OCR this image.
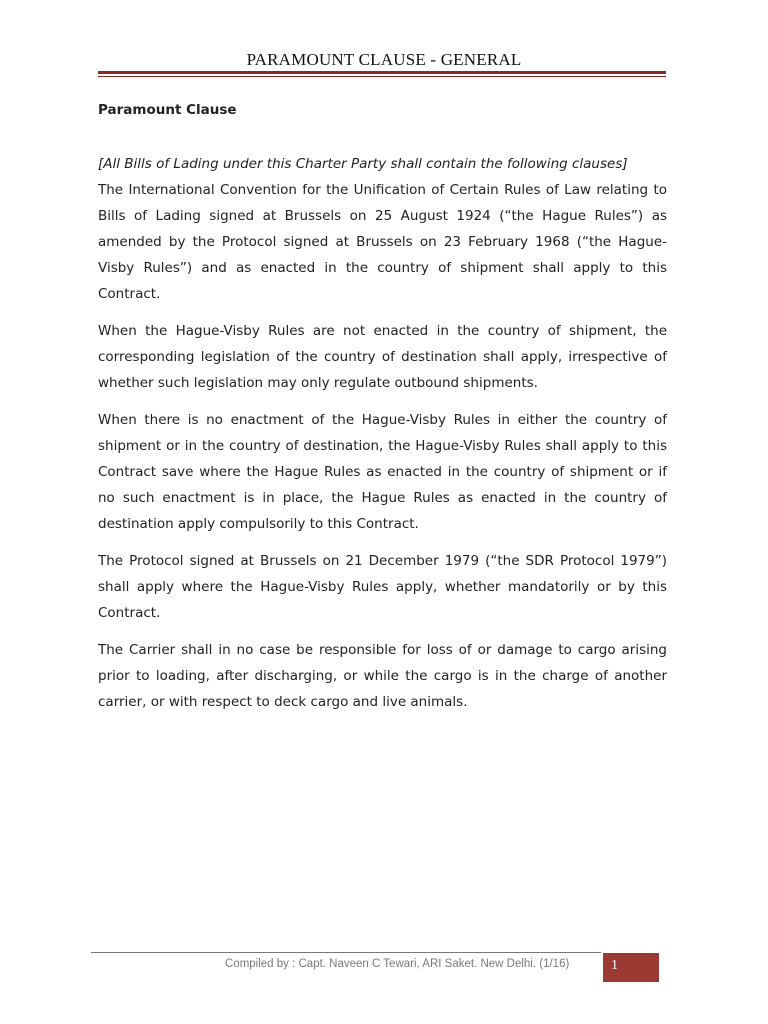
PARAMOUNT CLAUSE - GENERAL
Paramount Clause

[All Bills of Lading under this Charter Party shall contain the following clauses]

The International Convention for the Unification of Certain Rules of Law relating to Bills of Lading signed at Brussels on 25 August 1924 (“the Hague Rules”) as amended by the Protocol signed at Brussels on 23 February 1968 (“the Hague-Visby Rules”) and as enacted in the country of shipment shall apply to this Contract.

When the Hague-Visby Rules are not enacted in the country of shipment, the corresponding legislation of the country of destination shall apply, irrespective of whether such legislation may only regulate outbound shipments.

When there is no enactment of the Hague-Visby Rules in either the country of shipment or in the country of destination, the Hague-Visby Rules shall apply to this Contract save where the Hague Rules as enacted in the country of shipment or if no such enactment is in place, the Hague Rules as enacted in the country of destination apply compulsorily to this Contract.

The Protocol signed at Brussels on 21 December 1979 (“the SDR Protocol 1979”) shall apply where the Hague-Visby Rules apply, whether mandatorily or by this Contract.

The Carrier shall in no case be responsible for loss of or damage to cargo arising prior to loading, after discharging, or while the cargo is in the charge of another carrier, or with respect to deck cargo and live animals.

Compiled by : Capt. Naveen C Tewari, ARI Saket. New Delhi. (1/16)	1
